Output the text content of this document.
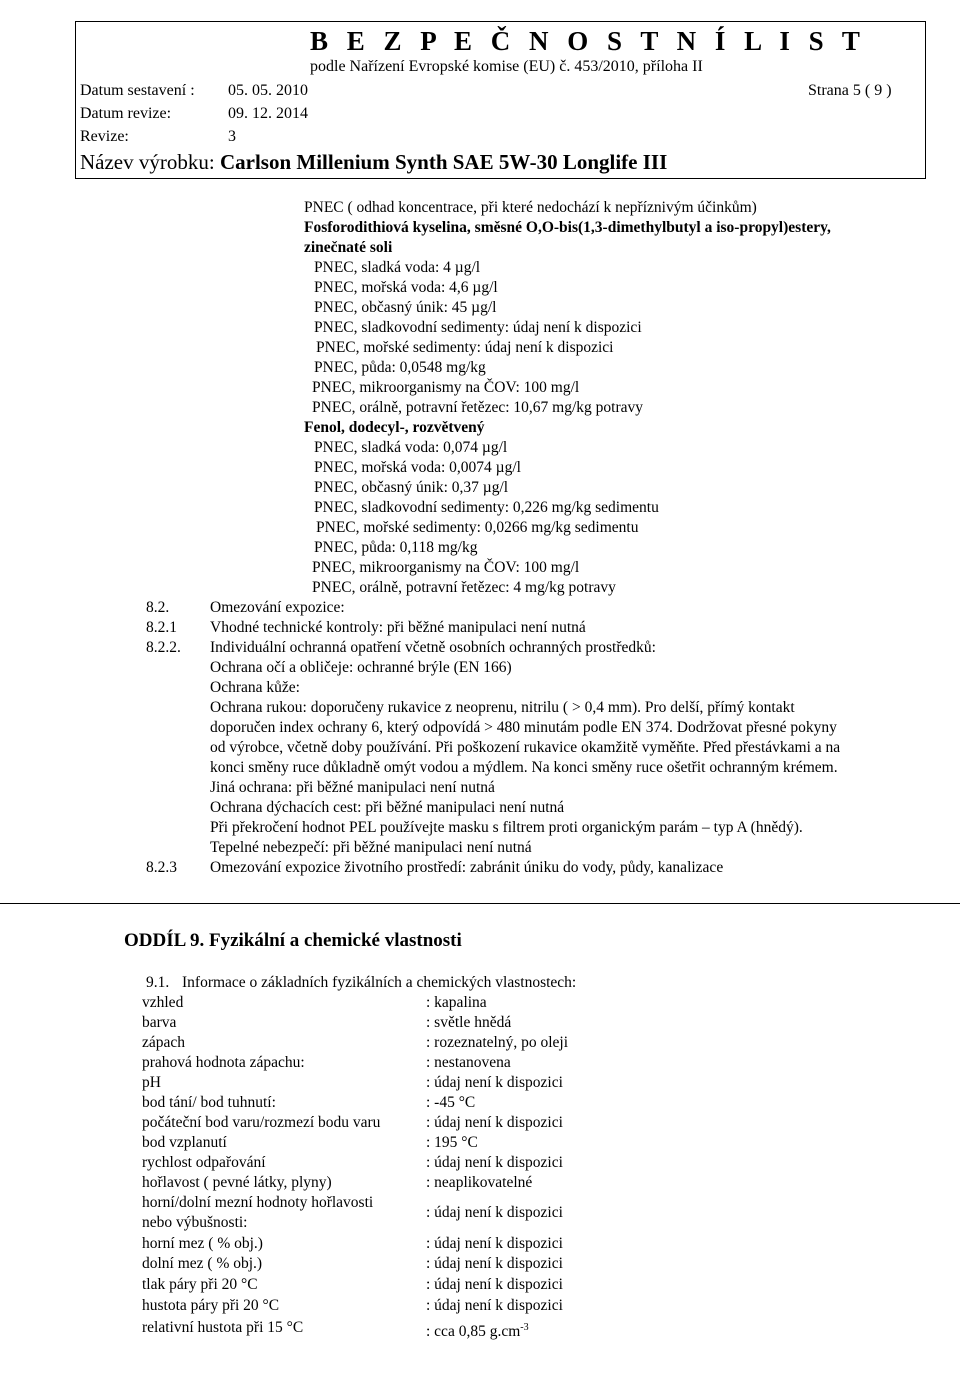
B E Z P E Č N O S T N Í L I S T
podle Nařízení Evropské komise (EU) č. 453/2010, příloha II
Datum sestavení : 05. 05. 2010	Strana 5 ( 9 )
Datum revize:	09. 12. 2014
Revize:	3
Název výrobku: Carlson Millenium Synth SAE 5W-30 Longlife III
PNEC ( odhad koncentrace, při které nedochází k nepříznivým účinkům)
Fosforodithiová kyselina, směsné O,O-bis(1,3-dimethylbutyl a iso-propyl)estery,
zinečnaté soli
PNEC, sladká voda: 4 µg/l
PNEC, mořská voda: 4,6 µg/l
PNEC, občasný únik: 45 µg/l
PNEC, sladkovodní sedimenty: údaj není k dispozici
PNEC, mořské sedimenty: údaj není k dispozici
PNEC, půda: 0,0548 mg/kg
PNEC, mikroorganismy na ČOV: 100 mg/l
PNEC, orálně, potravní řetězec: 10,67 mg/kg potravy
Fenol, dodecyl-, rozvětvený
PNEC, sladká voda: 0,074 µg/l
PNEC, mořská voda: 0,0074 µg/l
PNEC, občasný únik: 0,37 µg/l
PNEC, sladkovodní sedimenty: 0,226 mg/kg sedimentu
PNEC, mořské sedimenty: 0,0266 mg/kg sedimentu
PNEC, půda: 0,118 mg/kg
PNEC, mikroorganismy na ČOV: 100 mg/l
PNEC, orálně, potravní řetězec: 4 mg/kg potravy
8.2.	Omezování expozice:
8.2.1 Vhodné technické kontroly: při běžné manipulaci není nutná
8.2.2. Individuální ochranná opatření včetně osobních ochranných prostředků:
Ochrana očí a obličeje: ochranné brýle (EN 166)
Ochrana kůže:
Ochrana rukou: doporučeny rukavice z neoprenu, nitrilu ( > 0,4 mm). Pro delší, přímý kontakt
doporučen index ochrany 6, který odpovídá > 480 minutám podle EN 374. Dodržovat přesné pokyny
od výrobce, včetně doby používání. Při poškození rukavice okamžitě vyměňte. Před přestávkami a na
konci směny ruce důkladně omýt vodou a mýdlem. Na konci směny ruce ošetřit ochranným krémem.
Jiná ochrana: při běžné manipulaci není nutná
Ochrana dýchacích cest: při běžné manipulaci není nutná
Při překročení hodnot PEL používejte masku s filtrem proti organickým parám – typ A (hnědý).
Tepelné nebezpečí: při běžné manipulaci není nutná
8.2.3 Omezování expozice životního prostředí: zabránit úniku do vody, půdy, kanalizace
ODDÍL 9. Fyzikální a chemické vlastnosti
9.1. Informace o základních fyzikálních a chemických vlastnostech:
vzhled	: kapalina
barva	: světle hnědá
zápach	: rozeznatelný, po oleji
prahová hodnota zápachu:	: nestanovena
pH	: údaj není k dispozici
bod tání/ bod tuhnutí:	: -45 °C
počáteční bod varu/rozmezí bodu varu	: údaj není k dispozici
bod vzplanutí	: 195 °C
rychlost odpařování	: údaj není k dispozici
hořlavost ( pevné látky, plyny)	: neaplikovatelné
horní/dolní mezní hodnoty hořlavosti
nebo výbušnosti:
: údaj není k dispozici
horní mez ( % obj.)	: údaj není k dispozici
dolní mez ( % obj.)	: údaj není k dispozici
tlak páry při 20 °C	: údaj není k dispozici
hustota páry při 20 °C	: údaj není k dispozici
relativní hustota při 15 °C	: cca 0,85 $g.cm^{-3}$
